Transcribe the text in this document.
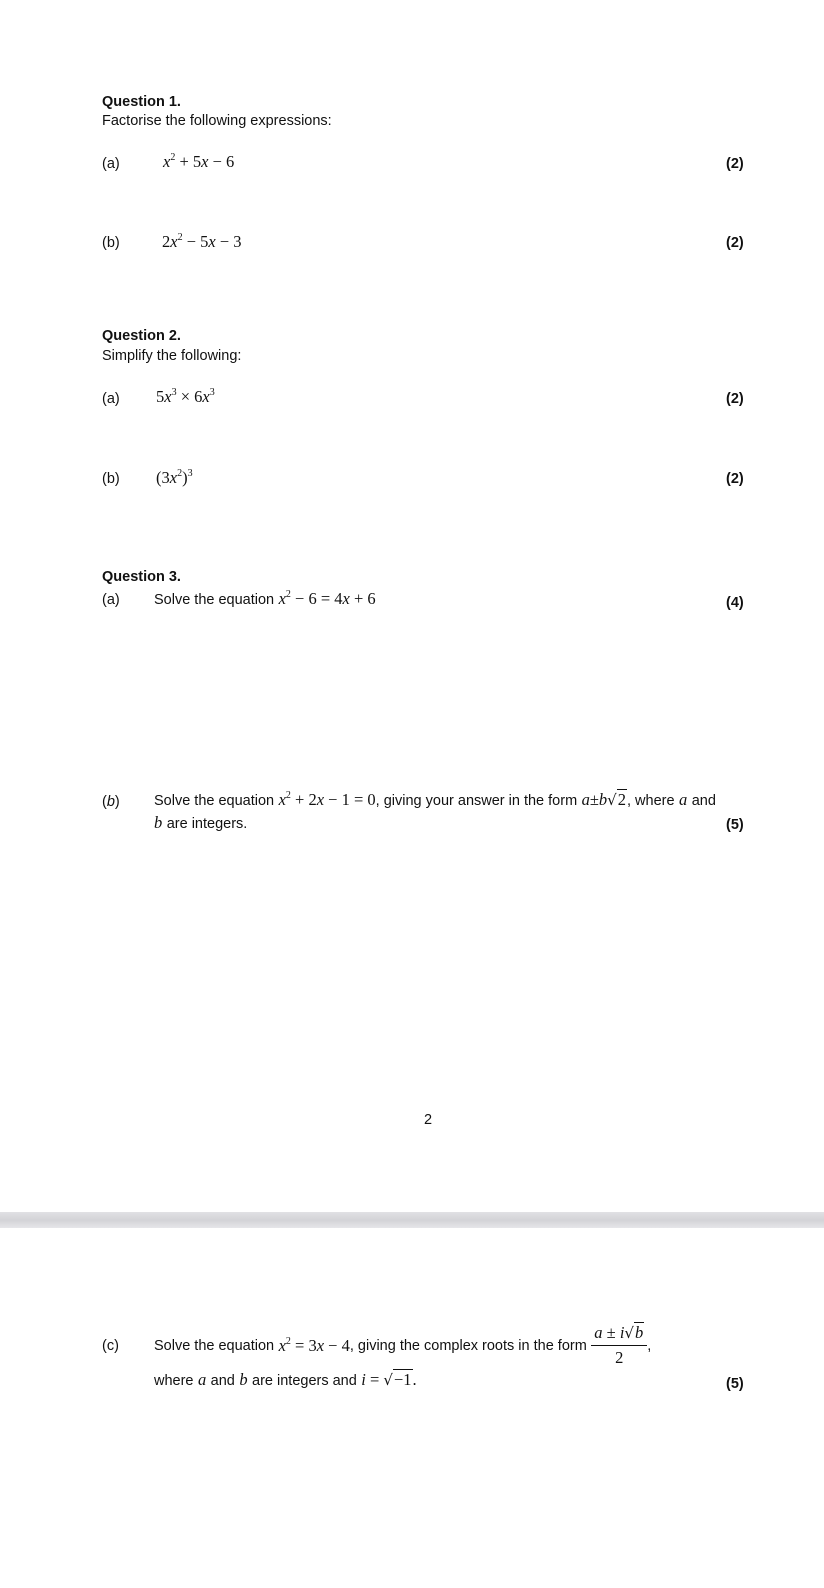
Question 1.
Factorise the following expressions:
(a)	$x^2 + 5x - 6$	(2)
(b)	$2x^2 - 5x - 3$	(2)
Question 2.
Simplify the following:
(a) $5x^3 \times 6x^3$	(2)
(b) $(3x^2)^3$	(2)
Question 3.
(a) Solve the equation $x^2 - 6 = 4x + 6$	(4)
(b) Solve the equation $x^2 + 2x - 1 = 0$, giving your answer in the form a±b√2, where a and
b are integers.	(5)
2
(c) Solve the equation
$x^2 = 3x - 4$ , giving the complex roots in the form
$\frac{a \pm i√b}{2}$ ,
where a and b are integers and i = √−1.	(5)
